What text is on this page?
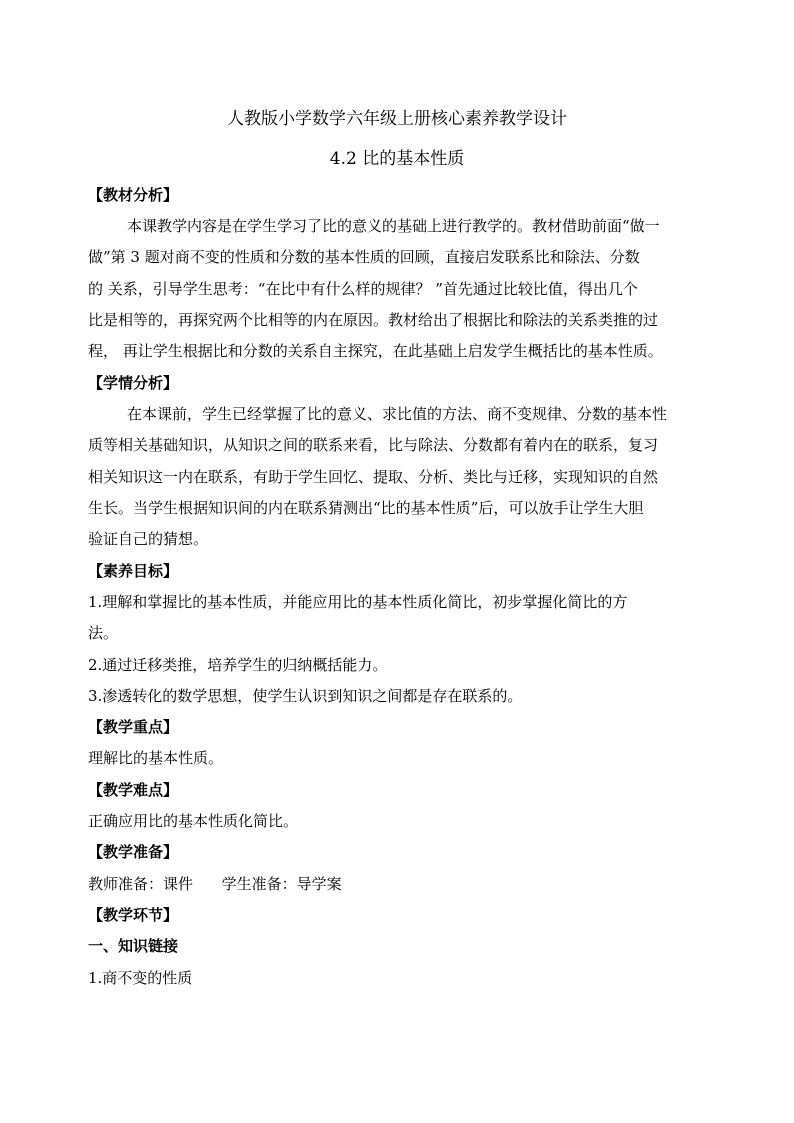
人教版小学数学六年级上册核心素养教学设计
4.2 比的基本性质
【教材分析】
本课教学内容是在学生学习了比的意义的基础上进行教学的。教材借助前面“做一
做”第 3 题对商不变的性质和分数的基本性质的回顾，直接启发联系比和除法、分数
的 关系，引导学生思考：“在比中有什么样的规律？ ”首先通过比较比值，得出几个
比是相等的，再探究两个比相等的内在原因。教材给出了根据比和除法的关系类推的过
程， 再让学生根据比和分数的关系自主探究，在此基础上启发学生概括比的基本性质。
【学情分析】
在本课前，学生已经掌握了比的意义、求比值的方法、商不变规律、分数的基本性
质等相关基础知识，从知识之间的联系来看，比与除法、分数都有着内在的联系，复习
相关知识这一内在联系，有助于学生回忆、提取、分析、类比与迁移，实现知识的自然
生长。当学生根据知识间的内在联系猜测出“比的基本性质”后，可以放手让学生大胆
验证自己的猜想。
【素养目标】
1.理解和掌握比的基本性质，并能应用比的基本性质化简比，初步掌握化简比的方
法。
2.通过迁移类推，培养学生的归纳概括能力。
3.渗透转化的数学思想，使学生认识到知识之间都是存在联系的。
【教学重点】
理解比的基本性质。
【教学难点】
正确应用比的基本性质化简比。
【教学准备】
教师准备：课件      学生准备：导学案
【教学环节】
一、知识链接
1.商不变的性质
